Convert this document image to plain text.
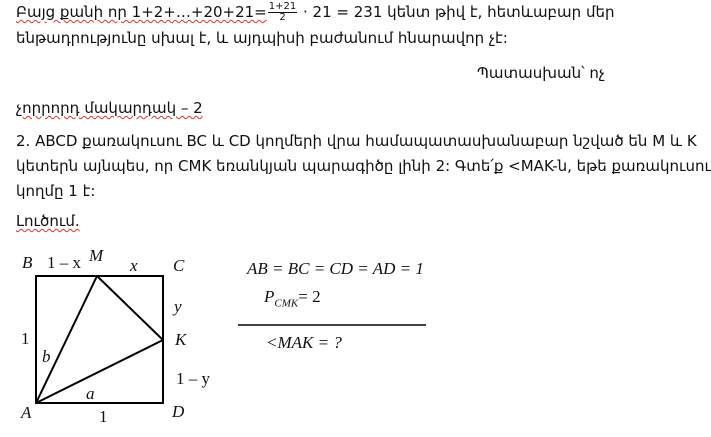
Բայց քանի որ 1+2+…+20+21= $\frac{1+21}{2} \cdot 21 = 231$ կենտ թիվ է, հետևաբար մեր
ենթադրությունը սխալ է, և այդպիսի բաժանում հնարավոր չէ:
Պատասխան՝ ոչ
չորրորդ մակարդակ – 2
2. ABCD քառակուսու BC և CD կողմերի վրա համապատասխանաբար նշված են M և K
կետերն այնպես, որ CMK եռանկյան պարագիծը լինի 2: Գտե՛ք <MAK-ն, եթե քառակուսու
կողմը 1 է:
Լուծում.
B 1 – x M
x C
y
K
1 – y
1
b
a
A	1	D
AB = BC = CD = AD = 1
$P_{CMK}= 2$
<MAK = ?
